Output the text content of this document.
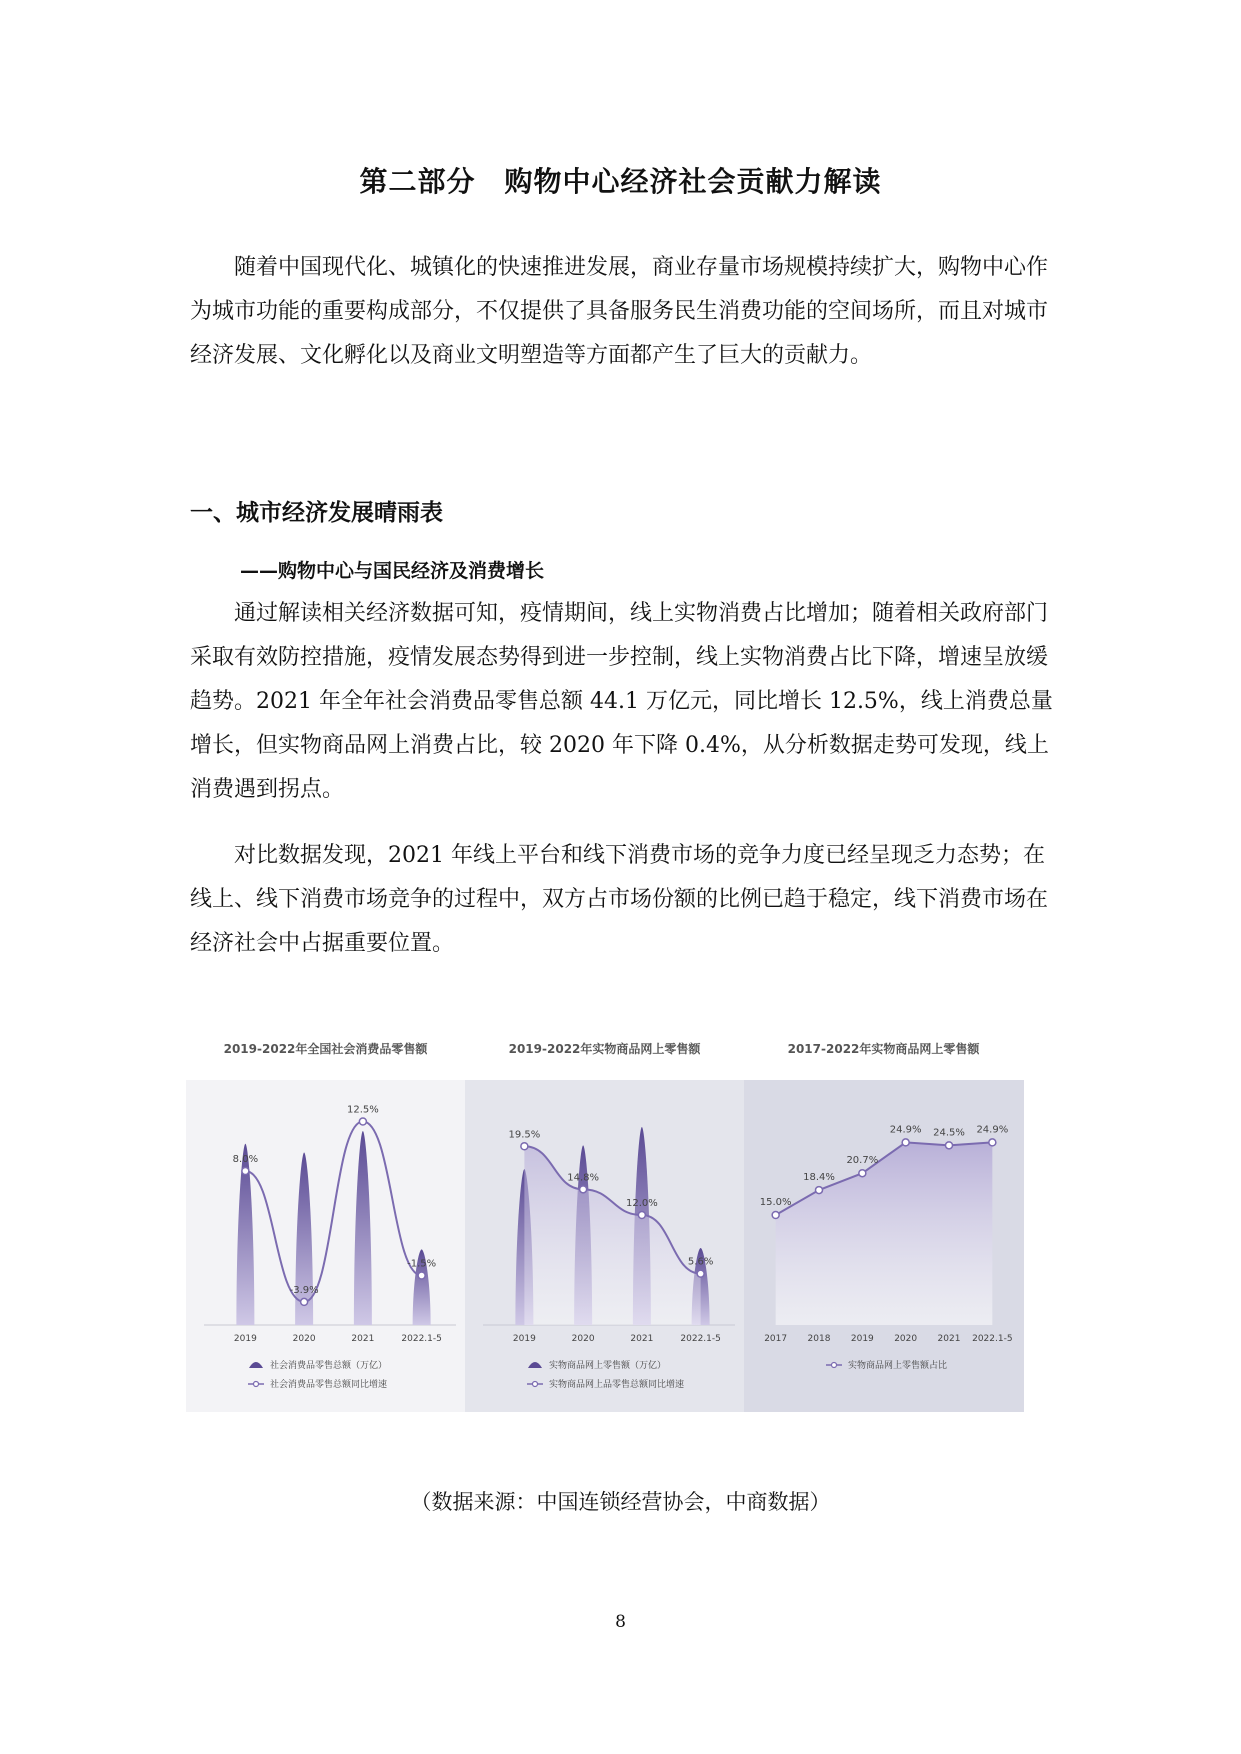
第二部分　购物中心经济社会贡献力解读

随着中国现代化、城镇化的快速推进发展，商业存量市场规模持续扩大，购物中心作为城市功能的重要构成部分，不仅提供了具备服务民生消费功能的空间场所，而且对城市经济发展、文化孵化以及商业文明塑造等方面都产生了巨大的贡献力。

一、城市经济发展晴雨表
——购物中心与国民经济及消费增长

通过解读相关经济数据可知，疫情期间，线上实物消费占比增加；随着相关政府部门采取有效防控措施，疫情发展态势得到进一步控制，线上实物消费占比下降，增速呈放缓趋势。2021 年全年社会消费品零售总额 44.1 万亿元，同比增长 12.5%，线上消费总量增长，但实物商品网上消费占比，较 2020 年下降 0.4%，从分析数据走势可发现，线上消费遇到拐点。

对比数据发现，2021 年线上平台和线下消费市场的竞争力度已经呈现乏力态势；在线上、线下消费市场竞争的过程中，双方占市场份额的比例已趋于稳定，线下消费市场在经济社会中占据重要位置。

2019-2022年全国社会消费品零售额	2019-2022年实物商品网上零售额	2017-2022年实物商品网上零售额
8.0%
-3.9%
12.5%
-1.5%
2019	2020	2021	2022.1-5
社会消费品零售总额（万亿）
社会消费品零售总额同比增速
19.5%
14.8%
12.0%
5.6%
2019	2020	2021	2022.1-5
实物商品网上零售额（万亿）
实物商品网上品零售总额同比增速
15.0%
18.4%
20.7%
24.9% 24.5% 24.9%
2017 2018 2019 2020 2021 2022.1-5
实物商品网上零售额占比
（数据来源：中国连锁经营协会，中商数据）
8
